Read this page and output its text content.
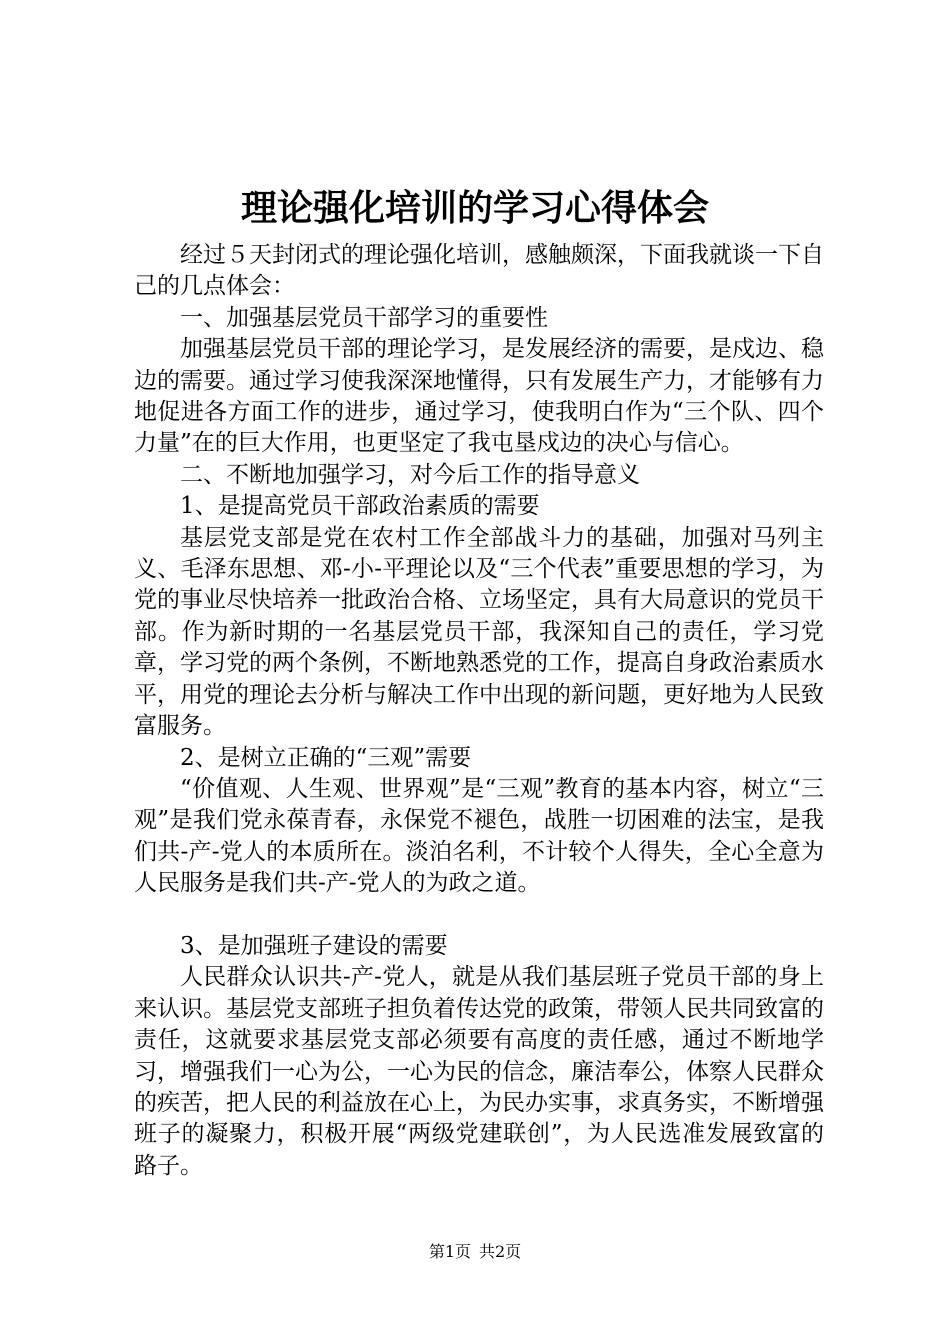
理论强化培训的学习心得体会

经过５天封闭式的理论强化培训，感触颇深，下面我就谈一下自己的几点体会：

一、加强基层党员干部学习的重要性

加强基层党员干部的理论学习，是发展经济的需要，是戍边、稳边的需要。通过学习使我深深地懂得，只有发展生产力，才能够有力地促进各方面工作的进步，通过学习，使我明白作为“三个队、四个力量”在的巨大作用，也更坚定了我屯垦戍边的决心与信心。

二、不断地加强学习，对今后工作的指导意义

1、是提高党员干部政治素质的需要

基层党支部是党在农村工作全部战斗力的基础，加强对马列主义、毛泽东思想、邓-小-平理论以及“三个代表”重要思想的学习，为党的事业尽快培养一批政治合格、立场坚定，具有大局意识的党员干部。作为新时期的一名基层党员干部，我深知自己的责任，学习党章，学习党的两个条例，不断地熟悉党的工作，提高自身政治素质水平，用党的理论去分析与解决工作中出现的新问题，更好地为人民致富服务。

2、是树立正确的“三观”需要

“价值观、人生观、世界观”是“三观”教育的基本内容，树立“三观”是我们党永葆青春，永保党不褪色，战胜一切困难的法宝，是我们共-产-党人的本质所在。淡泊名利，不计较个人得失，全心全意为人民服务是我们共-产-党人的为政之道。

3、是加强班子建设的需要

人民群众认识共-产-党人，就是从我们基层班子党员干部的身上来认识。基层党支部班子担负着传达党的政策，带领人民共同致富的责任，这就要求基层党支部必须要有高度的责任感，通过不断地学习，增强我们一心为公，一心为民的信念，廉洁奉公，体察人民群众的疾苦，把人民的利益放在心上，为民办实事，求真务实，不断增强班子的凝聚力，积极开展“两级党建联创”，为人民选准发展致富的路子。

第1页 共2页
